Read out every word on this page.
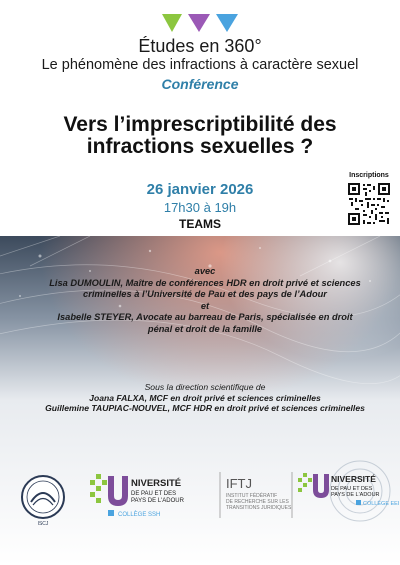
Études en 360°
Le phénomène des infractions à caractère sexuel
Conférence
Vers l’imprescriptibilité des
infractions sexuelles ?
26 janvier 2026
17h30 à 19h
TEAMS
Inscriptions
avec
Lisa DUMOULIN, Maître de conférences HDR en droit privé et sciences
criminelles à l’Université de Pau et des pays de l’Adour
et
Isabelle STEYER, Avocate au barreau de Paris, spécialisée en droit
pénal et droit de la famille
Sous la direction scientifique de
Joana FALXA, MCF en droit privé et sciences criminelles
Guillemine TAUPIAC-NOUVEL, MCF HDR en droit privé et sciences criminelles
ISCJ
NIVERSITÉ
DE PAU ET DES
PAYS DE L'ADOUR
COLLÈGE SSH
IFTJ
INSTITUT FÉDÉRATIF
DE RECHERCHE SUR LES
TRANSITIONS JURIDIQUES
NIVERSITÉ
DE PAU ET DES
PAYS DE L'ADOUR
COLLÈGE EEI
